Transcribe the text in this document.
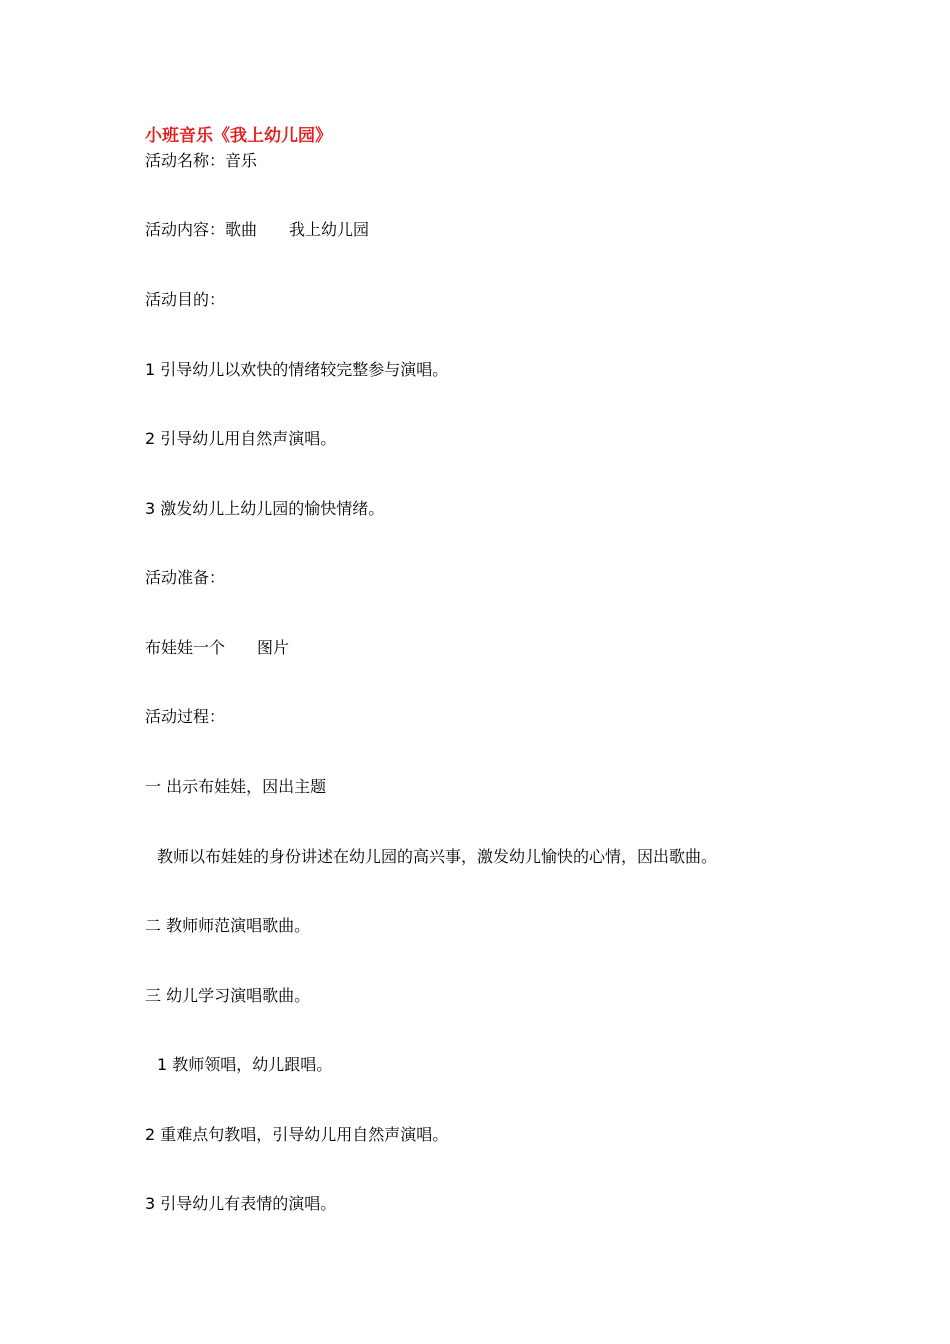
小班音乐《我上幼儿园》
活动名称：音乐
活动内容：歌曲　　我上幼儿园
活动目的：
1 引导幼儿以欢快的情绪较完整参与演唱。
2 引导幼儿用自然声演唱。
3 激发幼儿上幼儿园的愉快情绪。
活动准备：
布娃娃一个　　图片
活动过程：
一 出示布娃娃，因出主题
教师以布娃娃的身份讲述在幼儿园的高兴事，激发幼儿愉快的心情，因出歌曲。
二 教师师范演唱歌曲。
三 幼儿学习演唱歌曲。
1 教师领唱，幼儿跟唱。
2 重难点句教唱，引导幼儿用自然声演唱。
3 引导幼儿有表情的演唱。
